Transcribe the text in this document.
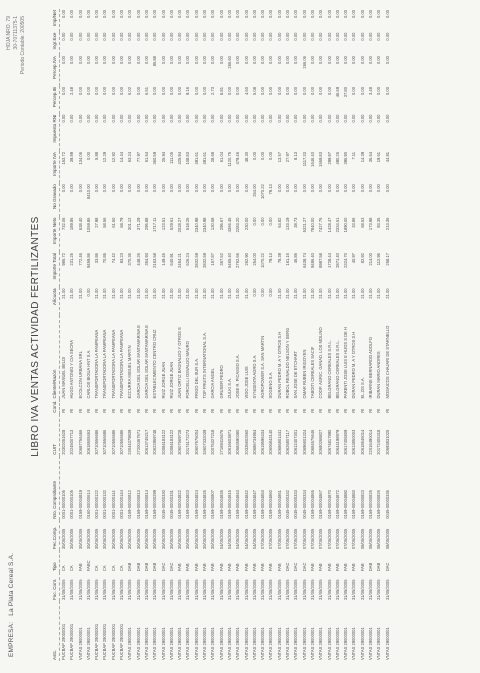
EMPRESA: La Plata Cereal S.A.
HOJA NRO. 79 30-70711375-1 Periodo Contable: 200505
LIBRO IVA VENTAS ACTIVIDAD FERTILIZANTES
Astc.	Foc. Cont.	Tipo	Fec.Comp.	Nro. Comprobante	CUIT	Cond.	Cliente/Razón	Alícuota	Importe Total	Importe Neto	No Gravado	Importe IVA	Impuesto RNI	Percep.IB	Percep.IVA	Ingr.Exe	Imp/Net
PUCBAP 29000001	31/05/2005	CA	30/05/2005	0001-00000106	20302051628	RI	JUAN MANUEL BELDI	21.00	985.72	732.06	0.00	153.72	0.00	0.00	0.00	0.00	0.00
PUCBAP 29000001	31/05/2005	CA	30/05/2005	0001-00000105	20245007713	RI	HUGO ANTONIO Y CIA SECRA	21.00	231.25	189.86	0.00	39.89	0.00	2.48	0.00	0.00	0.00
VNTAS 29000001	31/05/2005	FAB	30/05/2005	0159-00004819	30687756466	RI	ECOLCON URBANA SRL	21.00	772.46	638.40	0.00	134.06	0.00	0.00	0.00	0.00	0.00
VNTAS 29000001	31/05/2005	FABC	30/05/2005	0160-00000614	30618508463	RI	CARLOS BIGUA HNT S.A.	0.00	9459.86	1059.86	8410.00	0.00	0.00	0.00	0.00	0.00	0.00
PUCBAP 29000001	31/05/2005	CA	30/05/2005	0001-00000122	30710556686	RI	TRANSPORTADORA LA PAMPEANA	21.00	33.86	27.98	0.00	5.88	0.00	0.00	0.00	0.00	0.00
PUCBAP 29000001	31/05/2005	CA	30/05/2005	0001-00000132	30710556686	RI	TRANSPORTADORA LA PAMPEANA	21.00	70.85	58.56	0.00	12.29	0.00	0.00	0.00	0.00	0.00
PUCBAP 29000001	31/05/2005	CA	30/05/2005	0001-00000114	30710556686	RI	TRANSPORTADORA LA PAMPEANA	21.00	74.42	61.50	0.00	12.92	0.00	0.00	0.00	0.00	0.00
PUCBAP 29000001	31/05/2005	CA	30/05/2005	0001-00000144	30710556686	RI	TRANSPORTADORA LA PAMPEANA	21.00	83.23	68.79	0.00	14.44	0.00	0.00	0.00	0.00	0.00
VNTAS 29000001	31/05/2005	DAB	30/05/2005	0159-00000812	23044379839	RI	EZCURRA MIGUEL MARTIN	21.00	370.36	301.12	0.00	63.24	0.00	6.02	0.00	0.00	0.00
VNTAS 29000001	31/05/2005	DAB	30/05/2005	0159-00000813	27200467571	RI	GARCIA DEL SOLAR SANTAMARINA E	21.00	448.26	371.29	0.00	77.97	0.00	0.00	0.00	0.00	0.00
VNTAS 29000001	31/05/2005	DAB	30/05/2005	0159-00000814	30613745217	RI	GARCIA DEL SOLAR SANTAMARINA E	21.00	364.93	295.88	0.00	61.54	0.00	6.51	0.00	0.00	0.00
VNTAS 29000001	31/05/2005	DAB	30/05/2005	0159-00000299	20622959748	RI	ESTABLECIMIENTO CENTRO CRUZ	21.00	2163.58	1717.11	0.00	360.59	0.00	0.00	85.88	0.00	0.00
VNTAS 29000001	31/05/2005	DAC	30/05/2005	0045-00000330	20084183122	RI	RUIZ JORGE JUAN	21.00	149.45	123.51	0.00	25.94	0.00	0.00	0.00	0.00	0.00
VNTAS 29000001	31/05/2005	DAC	30/05/2005	0045-00000331	20084183122	RI	RUIZ JORGE JUAN	21.00	640.91	529.61	0.00	111.05	0.00	0.00	0.00	0.00	0.00
VNTAS 29000001	31/05/2005	FAB	30/05/2005	0159-00004822	30607569728	RI	JUAN ORTIZ BAGNALDO Y OTROS S	21.00	2454.21	2028.27	0.00	425.94	0.00	0.00	0.00	0.00	0.00
VNTAS 29000001	31/05/2005	FAB	30/05/2005	0159-00004823	20174172273	RI	PORCELLI OSVALDO MAURO	21.00	626.24	518.25	0.00	108.83	0.00	9.16	0.00	0.00	0.00
VNTAS 29000001	31/05/2005	FAB	30/05/2005	0159-00004824	30607675004	RI	FRIGO DEL SUR S.A.	21.00	2832.59	2340.98	0.00	491.61	0.00	0.00	0.00	0.00	0.00
VNTAS 29000001	31/05/2005	FAB	30/05/2005	0159-00004826	33607332039	RI	TOP FRUITS INTERNATIONAL S.A.	21.00	2832.59	2340.98	0.00	491.61	0.00	0.00	0.00	0.00	0.00
VNTAS 29000001	31/05/2005	FAB	30/05/2005	0159-00000807	20075327218	RI	GARCIA ANGEL	21.00	157.87	130.58	0.00	28.68	0.00	2.73	0.00	0.00	0.00
VNTAS 29000001	31/05/2005	FAB	04/05/2005	0159-00004835	27169415676	RI	GRUSER PEDRO	21.00	367.52	295.67	0.00	61.04	0.00	8.81	0.00	0.00	0.00
VNTAS 29000001	31/05/2005	FAB	04/05/2005	0159-00004815	30616603871	RI	ZULKI S.A.	21.00	5465.40	4366.45	0.00	1120.75	0.00	0.00	266.60	0.00	0.00
VNTAS 29000001	31/05/2005	FAB	04/05/2005	0159-00004843	30583590380	RI	JOSE R. PICASSO S.A.	21.00	2762.66	2283.20	0.00	479.46	0.00	0.00	0.00	0.00	0.00
VNTAS 29000001	31/05/2005	FAB	04/05/2005	0159-00004842	20335602560	RI	VIDO JOSE LUIS	21.00	262.90	230.00	0.00	48.30	0.00	4.60	0.00	0.00	0.00
VNTAS 29000001	31/05/2005	FAB	04/05/2005	0159-00004847	30686734964	RI	SYNGENTA AGRO S.A.	0.00	254.00	0.00	254.00	0.00	0.00	5.08	0.00	0.00	0.00
VNTAS 29000001	31/05/2005	FAB	07/05/2005	0159-00004853	30619596434	RI	AGROPOWER S.A. SAN MARTIN	0.00	1070.22	0.00	1070.22	0.00	0.00	0.00	0.00	0.00	0.00
VNTAS 29000001	31/05/2005	FAB	07/05/2005	0159-00004860	30606843140	RI	SOGENO S.A.	0.00	79.13	0.00	79.13	0.00	0.00	0.00	0.00	0.00	0.00
VNTAS 29000001	31/05/2005	FAB	07/05/2005	0159-00004861	30686801441	RI	DURAN PEDRO M. A Y OTROS S.H	21.00	78.39	64.82	0.00	13.57	0.00	0.00	0.00	0.00	0.00
VNTAS 29000001	31/05/2005	DAC	07/05/2005	0045-00000332	30626807117	RI	ROBOL REINALDO NELSON Y SERG	21.00	161.16	133.19	0.00	27.97	0.00	0.00	0.00	0.00	0.00
VNTAS 29000001	31/05/2005	DAC	07/05/2005	0045-00000333	30612407301	RI	SAN JOSE DE ETCHART	21.00	46.85	38.73	0.00	8.13	0.00	0.00	0.00	0.00	0.00
VNTAS 29000001	31/05/2005	DAC	07/05/2005	0045-00000334	30696601324	RI	OMAR RUBEN IRIGOYEN	21.00	6438.74	5321.27	0.00	1117.33	0.00	0.00	266.06	0.00	0.00
VNTAS 29000001	31/05/2005	FAB	07/05/2005	0159-00004865	30684575646	RI	TABOITI CEREALES SACIF	21.00	9486.40	7840.00	0.00	1646.40	0.00	0.00	0.00	0.00	0.00
VNTAS 29000001	31/05/2005	FAB	07/05/2005	0159-00004867	30580268827	RI	COOP. AGRIC. GANAD. LOS MOLINO	21.00	8987.58	7427.75	0.00	1559.83	0.00	0.00	0.00	0.00	0.00
VNTAS 29000001	31/05/2005	FAB	07/05/2005	0159-00004870	30674817990	RI	BELGRANO CEREALES S.R.L.	21.00	1728.44	1428.47	0.00	299.97	0.00	0.00	0.00	0.00	0.00
VNTAS 29000001	31/05/2005	FAB	07/05/2005	0159-00004872	30644198979	RI	BELGRANO CEREALES S.R.L.	21.00	2871.40	2334.51	0.00	490.25	0.00	46.69	0.00	0.00	0.00
VNTAS 29000001	31/05/2005	FAB	07/05/2005	0159-00004880	30617406809	RI	PARENTI JOSE LUIS E HIJOS S DE H	21.00	2324.70	1890.00	0.00	396.90	0.00	37.80	0.00	0.00	0.00
VNTAS 29000001	31/05/2005	FAB	07/05/2005	0159-00004883	30613850003	RI	DURAN PEDRO M. A Y OTROS S.H	21.00	40.97	33.86	0.00	7.11	0.00	0.00	0.00	0.00	0.00
VNTAS 29000001	31/05/2005	FAB	08/05/2005	0159-00000823	30618546014	RI	EL ZIS S.A.	21.00	82.92	68.53	0.00	14.39	0.00	0.00	0.00	0.00	0.00
VNTAS 29000001	31/05/2005	DAB	08/05/2005	0159-00000825	22016490014	RI	IRIBARNE BERNARDO ADOLFO	21.00	214.00	173.98	0.00	36.54	0.00	3.48	0.00	0.00	0.00
VNTAS 29000001	31/05/2005	DAB	08/05/2005	0159-00000826	20172405318	RI	DURAN MARIO ANDRES	21.00	112.96	93.35	0.00	19.61	0.00	0.00	0.00	0.00	0.00
VNTAS 29000001	31/05/2005	DAC	08/05/2005	0045-00000336	30593831025	RI	MOSAICOS CHAJARI DE STARNELLO	21.00	258.17	213.36	0.00	44.81	0.00	0.00	0.00	0.00	0.00
